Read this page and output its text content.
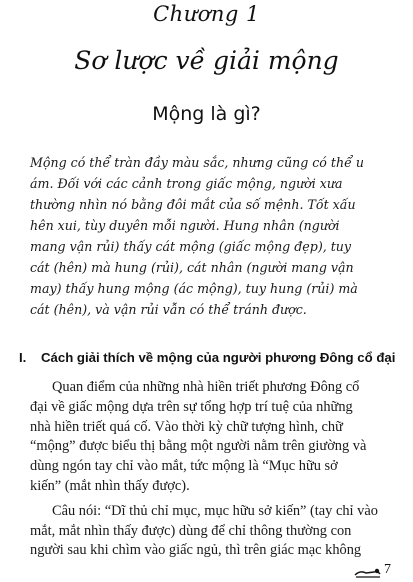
Chương 1
Sơ lược về giải mộng
Mộng là gì?
Mộng có thể tràn đầy màu sắc, nhưng cũng có thể u
ám. Đối với các cảnh trong giấc mộng, người xưa
thường nhìn nó bằng đôi mắt của số mệnh. Tốt xấu
hên xui, tùy duyên mỗi người. Hung nhân (người
mang vận rủi) thấy cát mộng (giấc mộng đẹp), tuy
cát (hên) mà hung (rủi), cát nhân (người mang vận
may) thấy hung mộng (ác mộng), tuy hung (rủi) mà
cát (hên), và vận rủi vẫn có thể tránh được.
I. Cách giải thích về mộng của người phương Đông cổ đại
Quan điểm của những nhà hiền triết phương Đông cổ
đại về giấc mộng dựa trên sự tổng hợp trí tuệ của những
nhà hiền triết quá cố. Vào thời kỳ chữ tượng hình, chữ
“mộng” được biểu thị bằng một người nằm trên giường và
dùng ngón tay chỉ vào mắt, tức mộng là “Mục hữu sở
kiến” (mắt nhìn thấy được).
Câu nói: “Dĩ thủ chỉ mục, mục hữu sở kiến” (tay chỉ vào
mắt, mắt nhìn thấy được) dùng để chỉ thông thường con
người sau khi chìm vào giấc ngủ, thì trên giác mạc không
7
